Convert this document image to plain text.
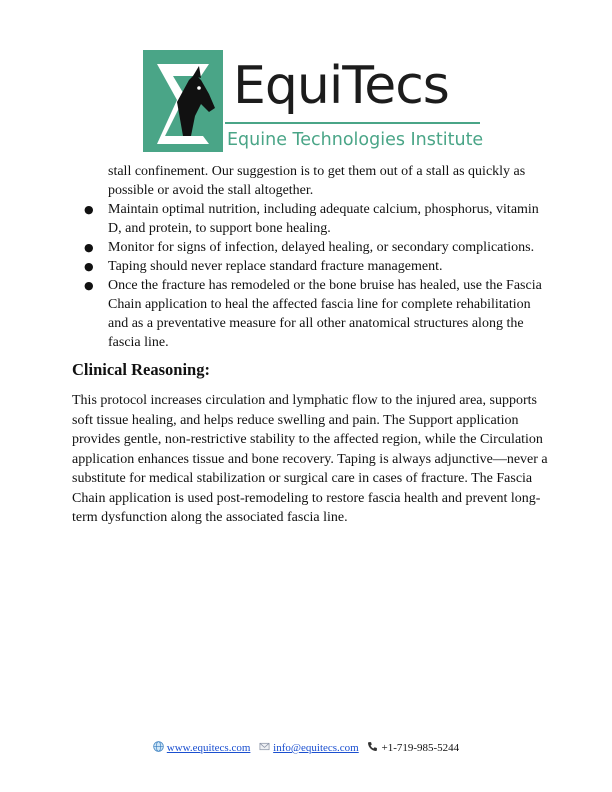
EquiTecs
Equine Technologies Institute

stall confinement. Our suggestion is to get them out of a stall as quickly as possible or avoid the stall altogether.

● Maintain optimal nutrition, including adequate calcium, phosphorus, vitamin D, and protein, to support bone healing.
● Monitor for signs of infection, delayed healing, or secondary complications.
● Taping should never replace standard fracture management.
● Once the fracture has remodeled or the bone bruise has healed, use the Fascia Chain application to heal the affected fascia line for complete rehabilitation and as a preventative measure for all other anatomical structures along the fascia line.
Clinical Reasoning:

This protocol increases circulation and lymphatic flow to the injured area, supports soft tissue healing, and helps reduce swelling and pain. The Support application provides gentle, non-restrictive stability to the affected region, while the Circulation application enhances tissue and bone recovery. Taping is always adjunctive—never a substitute for medical stabilization or surgical care in cases of fracture. The Fascia Chain application is used post-remodeling to restore fascia health and prevent long-term dysfunction along the associated fascia line.

www.equitecs.com info@equitecs.com +1-719-985-5244
